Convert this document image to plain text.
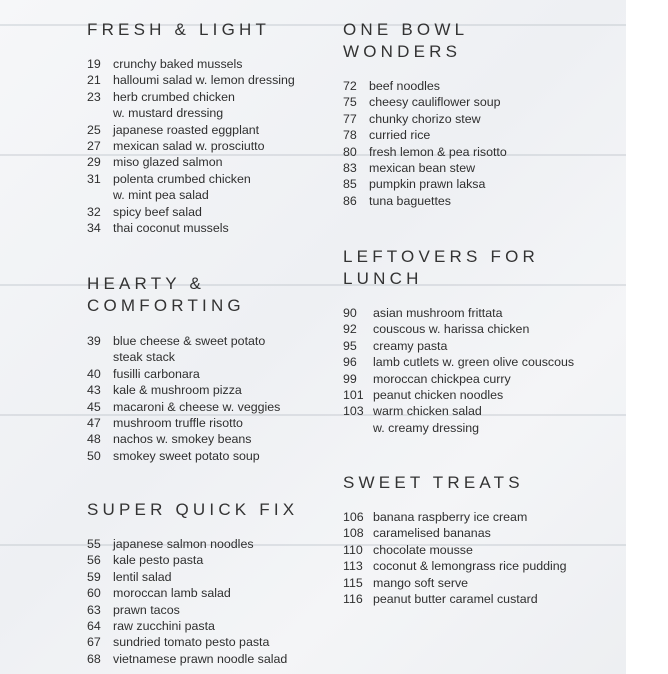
FRESH & LIGHT
19 crunchy baked mussels
21 halloumi salad w. lemon dressing
23 herb crumbed chicken
w. mustard dressing
25 japanese roasted eggplant
27 mexican salad w. prosciutto
29 miso glazed salmon
31 polenta crumbed chicken
w. mint pea salad
32 spicy beef salad
34 thai coconut mussels
HEARTY &
COMFORTING
39 blue cheese & sweet potato
steak stack
40 fusilli carbonara
43 kale & mushroom pizza
45 macaroni & cheese w. veggies
47 mushroom truffle risotto
48 nachos w. smokey beans
50 smokey sweet potato soup
SUPER QUICK FIX
55 japanese salmon noodles
56 kale pesto pasta
59 lentil salad
60 moroccan lamb salad
63 prawn tacos
64 raw zucchini pasta
67 sundried tomato pesto pasta
68 vietnamese prawn noodle salad
ONE BOWL
WONDERS
72 beef noodles
75 cheesy cauliflower soup
77 chunky chorizo stew
78 curried rice
80 fresh lemon & pea risotto
83 mexican bean stew
85 pumpkin prawn laksa
86 tuna baguettes
LEFTOVERS FOR
LUNCH
90	asian mushroom frittata
92	couscous w. harissa chicken
95	creamy pasta
96	lamb cutlets w. green olive couscous
99	moroccan chickpea curry
101 peanut chicken noodles
103 warm chicken salad
w. creamy dressing
SWEET TREATS
106 banana raspberry ice cream
108 caramelised bananas
110 chocolate mousse
113 coconut & lemongrass rice pudding
115 mango soft serve
116 peanut butter caramel custard
